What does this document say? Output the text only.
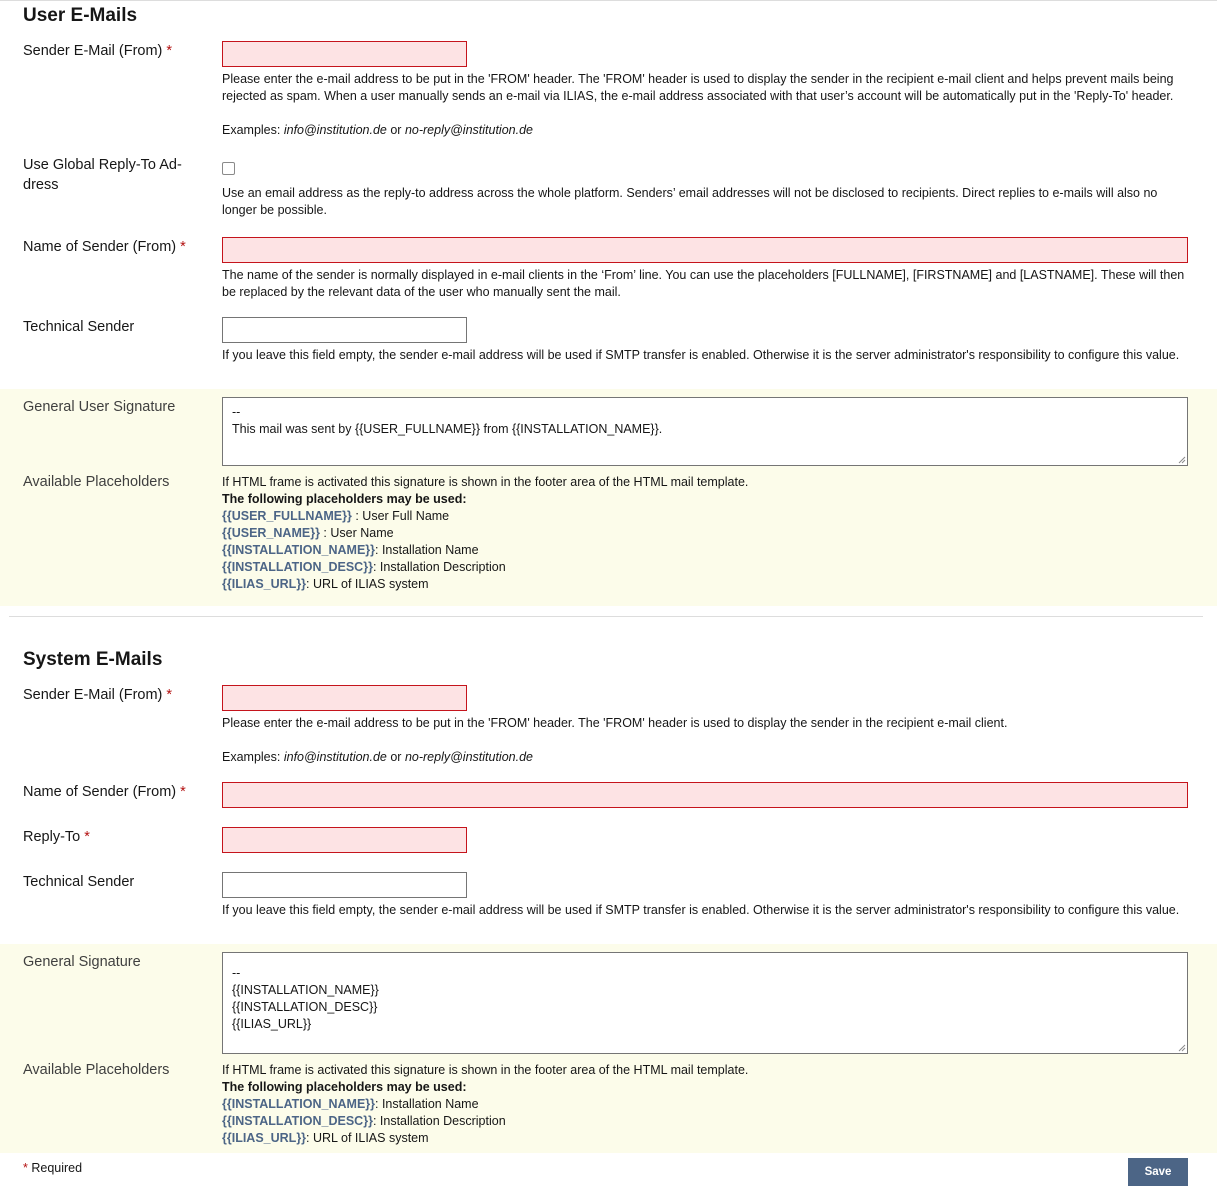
User E-Mails
Sender E-Mail (From) *
Please enter the e-mail address to be put in the 'FROM' header. The 'FROM' header is used to display the sender in the recipient e-mail client and helps prevent mails being rejected as spam. When a user manually sends an e-mail via ILIAS, the e-mail address associated with that user’s account will be automatically put in the 'Reply-To' header.
Examples: info@institution.de or no-reply@institution.de
Use Global Reply-To Address	Use an email address as the reply-to address across the whole platform. Senders’ email addresses will not be disclosed to recipients. Direct replies to e-mails will also no longer be possible.
Name of Sender (From) *
The name of the sender is normally displayed in e-mail clients in the ‘From’ line. You can use the placeholders [FULLNAME], [FIRSTNAME] and [LASTNAME]. These will then be replaced by the relevant data of the user who manually sent the mail.
Technical Sender
If you leave this field empty, the sender e-mail address will be used if SMTP transfer is enabled. Otherwise it is the server administrator's responsibility to configure this value.
General User Signature	--
This mail was sent by {{USER_FULLNAME}} from {{INSTALLATION_NAME}}.
Available Placeholders	If HTML frame is activated this signature is shown in the footer area of the HTML mail template.
The following placeholders may be used:
{{USER_FULLNAME}} : User Full Name
{{USER_NAME}} : User Name
{{INSTALLATION_NAME}}: Installation Name
{{INSTALLATION_DESC}}: Installation Description
{{ILIAS_URL}}: URL of ILIAS system
System E-Mails
Sender E-Mail (From) *
Please enter the e-mail address to be put in the 'FROM' header. The 'FROM' header is used to display the sender in the recipient e-mail client.
Examples: info@institution.de or no-reply@institution.de
Name of Sender (From) *
Reply-To *
Technical Sender
If you leave this field empty, the sender e-mail address will be used if SMTP transfer is enabled. Otherwise it is the server administrator's responsibility to configure this value.
General Signature
--
{{INSTALLATION_NAME}}
{{INSTALLATION_DESC}}
{{ILIAS_URL}}
Available Placeholders	If HTML frame is activated this signature is shown in the footer area of the HTML mail template.
The following placeholders may be used:
{{INSTALLATION_NAME}}: Installation Name
{{INSTALLATION_DESC}}: Installation Description
{{ILIAS_URL}}: URL of ILIAS system
* Required	Save
